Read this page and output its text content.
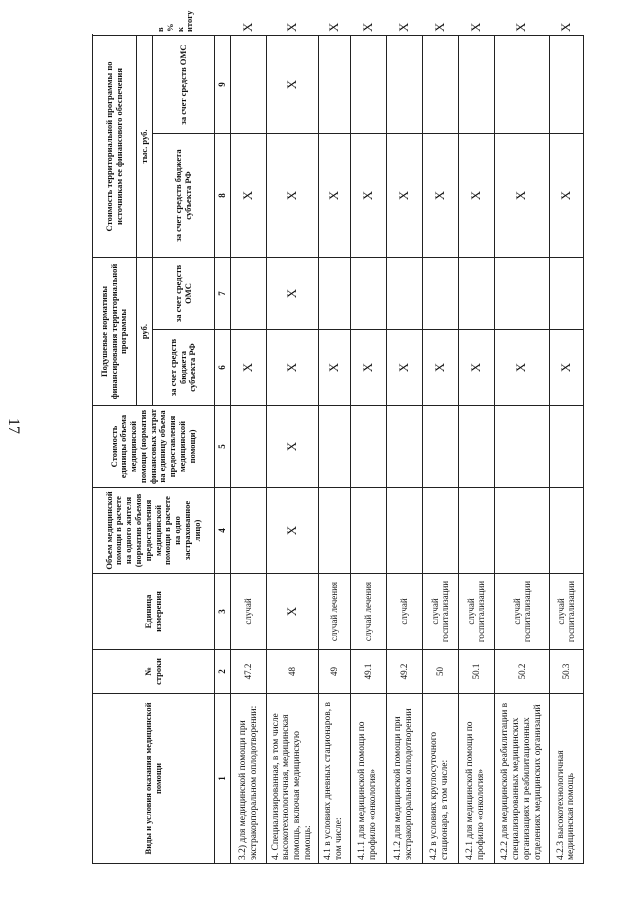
17
Виды и условия оказания медицинской помощи	№ строки	Единица измерения	Объем медицинской помощи в расчете на одного жителя (норматив объемов предоставления медицинской помощи в расчете на одно застрахованное лицо)	Стоимость единицы объема медицинской помощи (норматив финансовых затрат на единицу объема предоставления медицинской помощи)	Подушевые нормативы финансирования территориальной программы		Стоимость территориальной программы по источникам ее финансового обеспечения		
					руб.		тыс. руб.		в % к итогу
					за счет средств бюджета субъекта РФ	за счет средств ОМС	за счет средств бюджета субъекта РФ	за счет средств ОМС	
1	2	3	4	5	6	7	8	9	
3.2) для медицинской помощи при экстракорпоральном оплодотворении:	47.2	случай			X		X		X
4. Специализированная, в том числе высокотехнологичная, медицинская помощь, включая медицинскую помощь:	48	X	X	X	X	X	X	X	X
4.1 в условиях дневных стационаров, в том числе:	49	случай лечения			X		X		X
4.1.1 для медицинской помощи по профилю «онкология»	49.1	случай лечения			X		X		X
4.1.2 для медицинской помощи при экстракорпоральном оплодотворении	49.2	случай			X		X		X
4.2 в условиях круглосуточного стационара, в том числе:	50	случай госпитализации			X		X		X
4.2.1 для медицинской помощи по профилю «онкология»	50.1	случай госпитализации			X		X		X
4.2.2 для медицинской реабилитации в специализированных медицинских организациях и реабилитационных отделениях медицинских организаций	50.2	случай госпитализации			X		X		X
4.2.3 высокотехнологичная медицинская помощь	50.3	случай госпитализации			X		X		X
